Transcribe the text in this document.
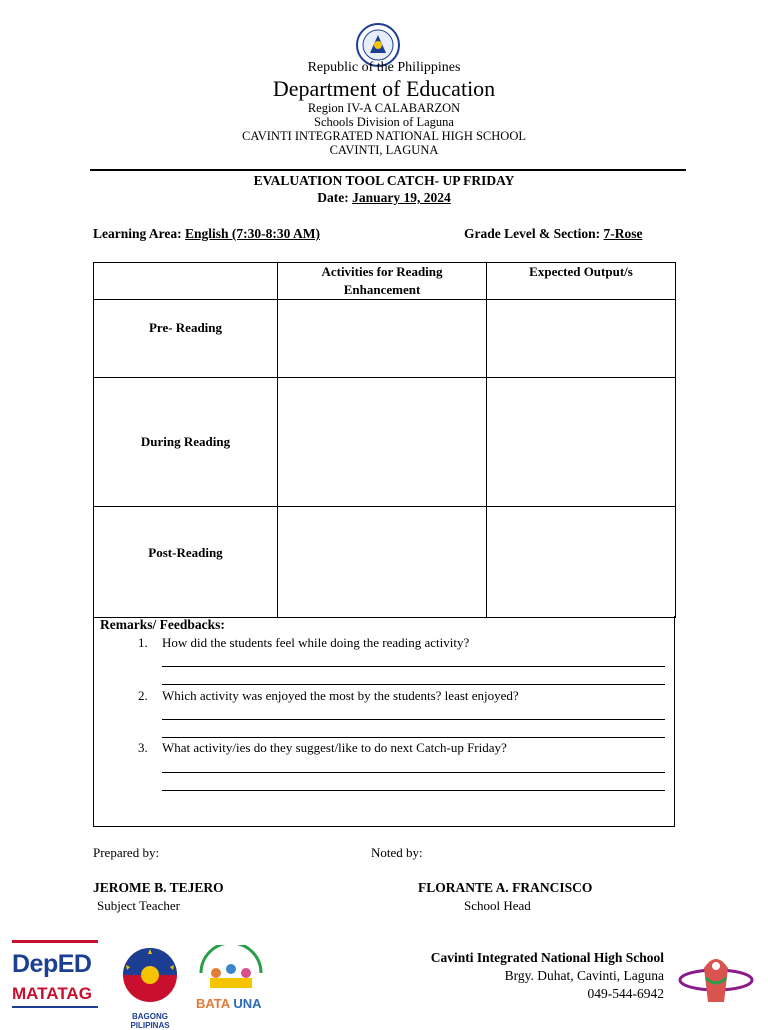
Republic of the Philippines
Department of Education
Region IV-A CALABARZON
Schools Division of Laguna
CAVINTI INTEGRATED NATIONAL HIGH SCHOOL
CAVINTI, LAGUNA
EVALUATION TOOL CATCH- UP FRIDAY
Date: January 19, 2024
Learning Area: English (7:30-8:30 AM)	Grade Level & Section: 7-Rose
	Activities for Reading Enhancement	Expected Output/s
Pre- Reading		
During Reading		
Post-Reading		
Remarks/ Feedbacks:
1.	How did the students feel while doing the reading activity?
2.	Which activity was enjoyed the most by the students? least enjoyed?
3.	What activity/ies do they suggest/like to do next Catch-up Friday?
Prepared by:	Noted by:
JEROME B. TEJERO
Subject Teacher
FLORANTE A. FRANCISCO
School Head
DepED
MATATAG
BAGONG PILIPINAS
BATA UNA
Cavinti Integrated National High School
Brgy. Duhat, Cavinti, Laguna
049-544-6942
